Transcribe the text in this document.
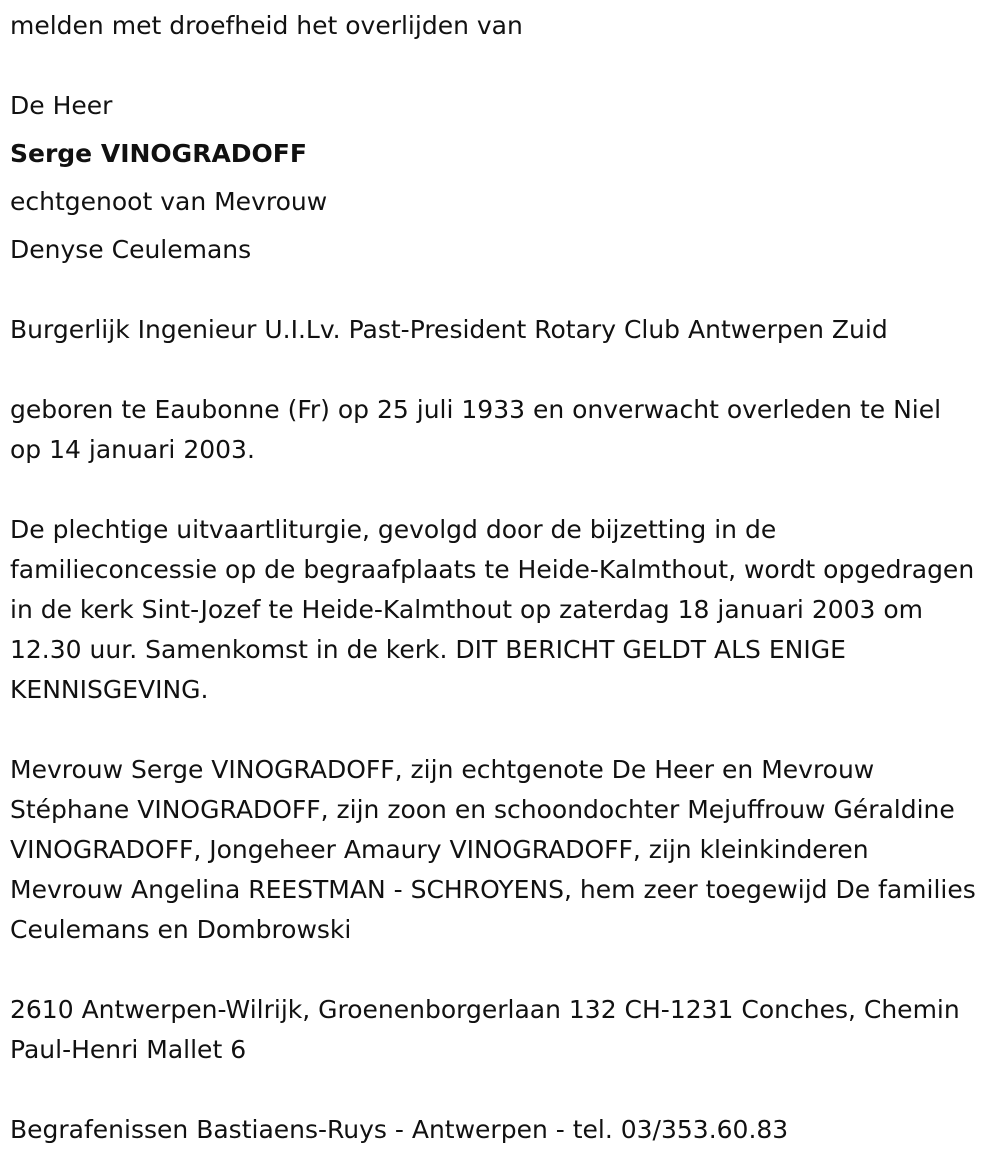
melden met droefheid het overlijden van
De Heer
Serge VINOGRADOFF
echtgenoot van Mevrouw
Denyse Ceulemans
Burgerlijk Ingenieur U.I.Lv. Past-President Rotary Club Antwerpen Zuid
geboren te Eaubonne (Fr) op 25 juli 1933 en onverwacht overleden te Niel op 14 januari 2003.
De plechtige uitvaartliturgie, gevolgd door de bijzetting in de familieconcessie op de begraafplaats te Heide-Kalmthout, wordt opgedragen in de kerk Sint-Jozef te Heide-Kalmthout op zaterdag 18 januari 2003 om 12.30 uur. Samenkomst in de kerk. DIT BERICHT GELDT ALS ENIGE KENNISGEVING.
Mevrouw Serge VINOGRADOFF, zijn echtgenote De Heer en Mevrouw Stéphane VINOGRADOFF, zijn zoon en schoondochter Mejuffrouw Géraldine VINOGRADOFF, Jongeheer Amaury VINOGRADOFF, zijn kleinkinderen Mevrouw Angelina REESTMAN - SCHROYENS, hem zeer toegewijd De families Ceulemans en Dombrowski
2610 Antwerpen-Wilrijk, Groenenborgerlaan 132 CH-1231 Conches, Chemin Paul-Henri Mallet 6
Begrafenissen Bastiaens-Ruys - Antwerpen - tel. 03/353.60.83
